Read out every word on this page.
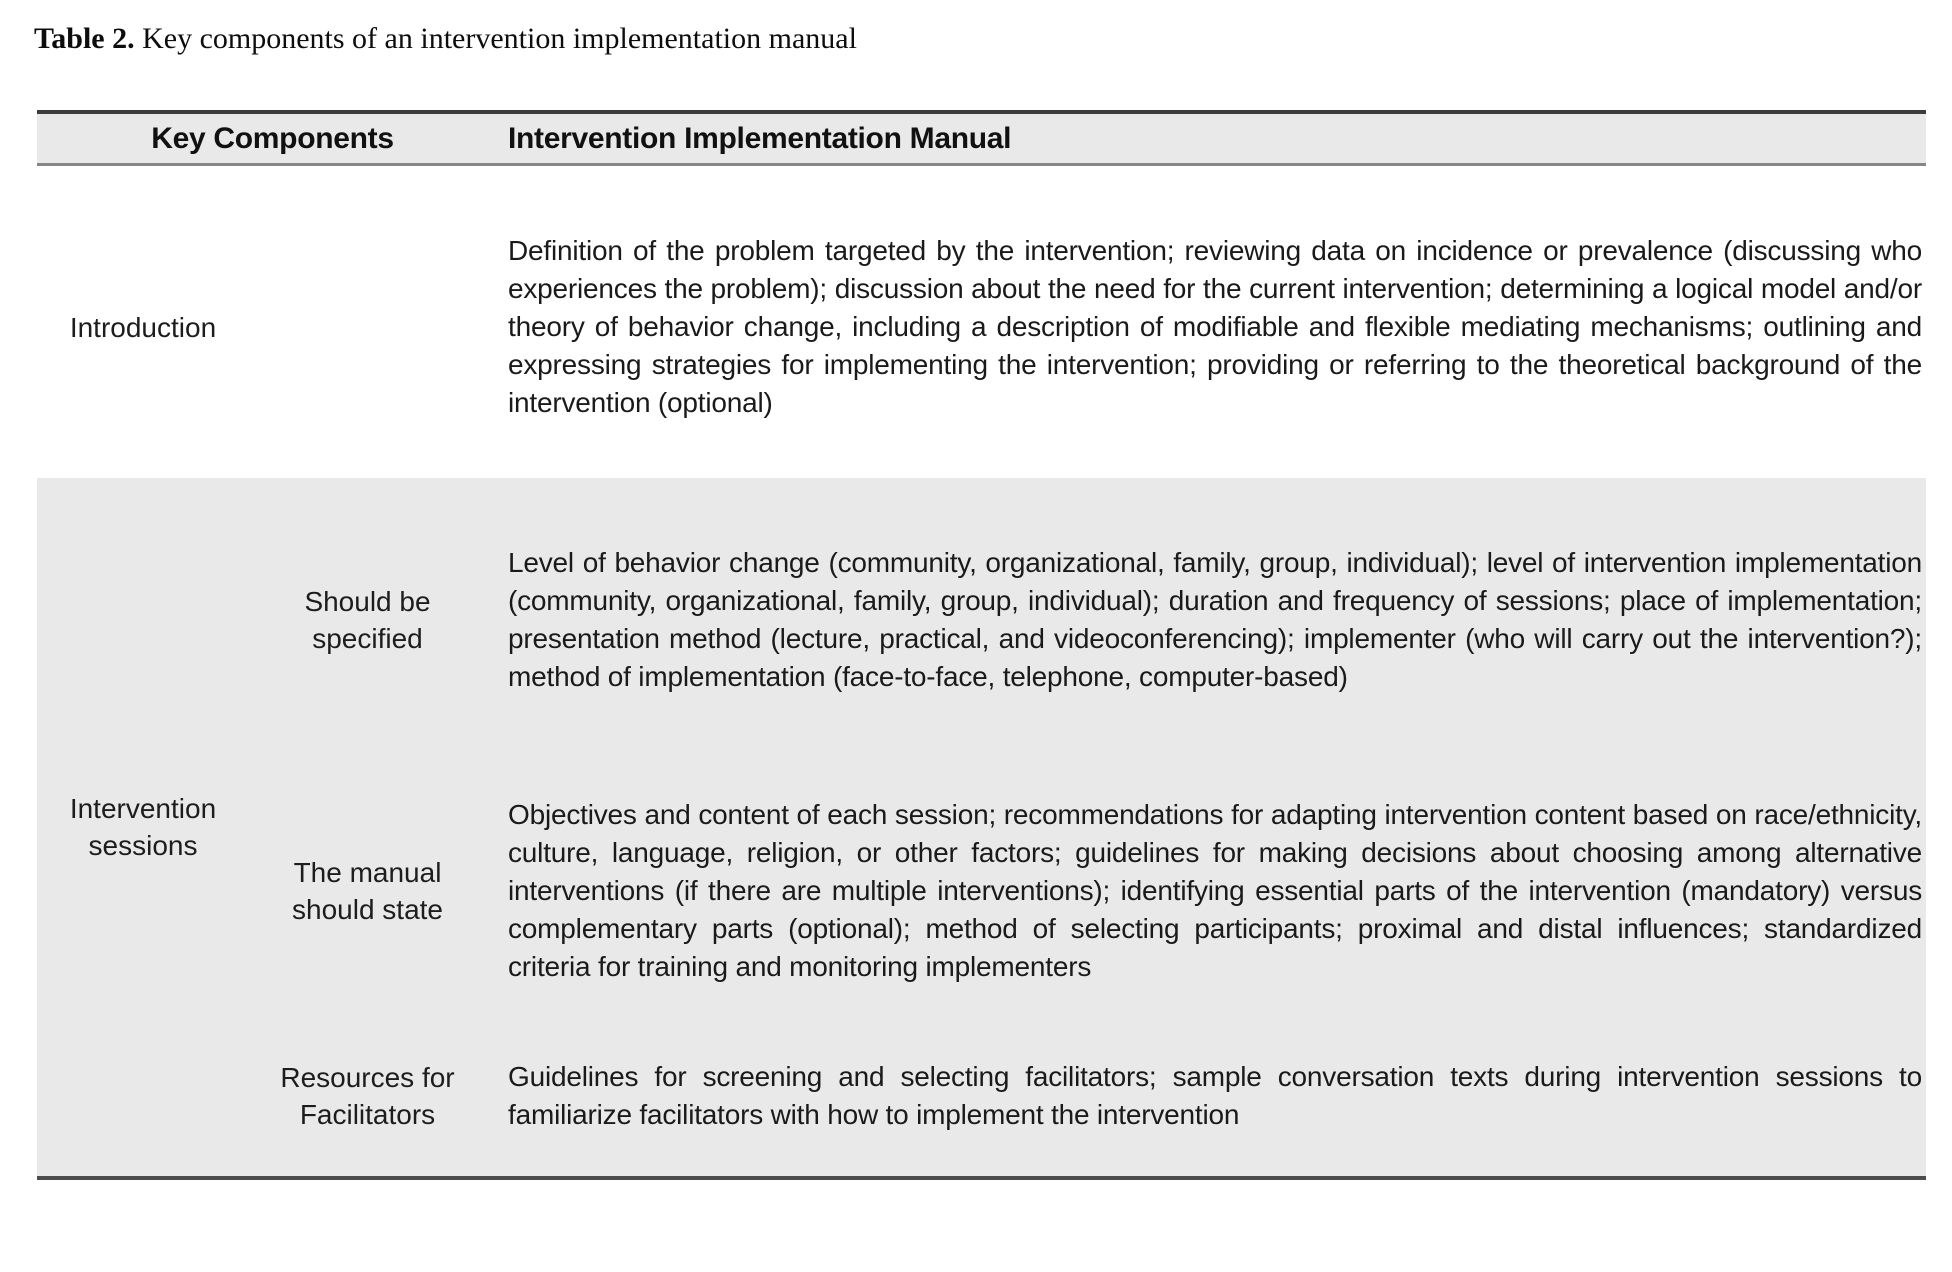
Table 2. Key components of an intervention implementation manual
Key Components	Intervention Implementation Manual
Introduction
Definition of the problem targeted by the intervention; reviewing data on incidence or prevalence (discussing who experiences the problem); discussion about the need for the current intervention; determining a logical model and/or theory of behavior change, including a description of modifiable and flexible mediating mechanisms; outlining and expressing strategies for implementing the intervention; providing or referring to the theoretical background of the intervention (optional)
Intervention sessions
Should be specified
Level of behavior change (community, organizational, family, group, individual); level of intervention implementation (community, organizational, family, group, individual); duration and frequency of sessions; place of implementation; presentation method (lecture, practical, and videoconferencing); implementer (who will carry out the intervention?); method of implementation (face-to-face, telephone, computer-based)
The manual should state
Objectives and content of each session; recommendations for adapting intervention content based on race/ethnicity, culture, language, religion, or other factors; guidelines for making decisions about choosing among alternative interventions (if there are multiple interventions); identifying essential parts of the intervention (mandatory) versus complementary parts (optional); method of selecting participants; proximal and distal influences; standardized criteria for training and monitoring implementers
Resources for Facilitators
Guidelines for screening and selecting facilitators; sample conversation texts during intervention sessions to familiarize facilitators with how to implement the intervention
